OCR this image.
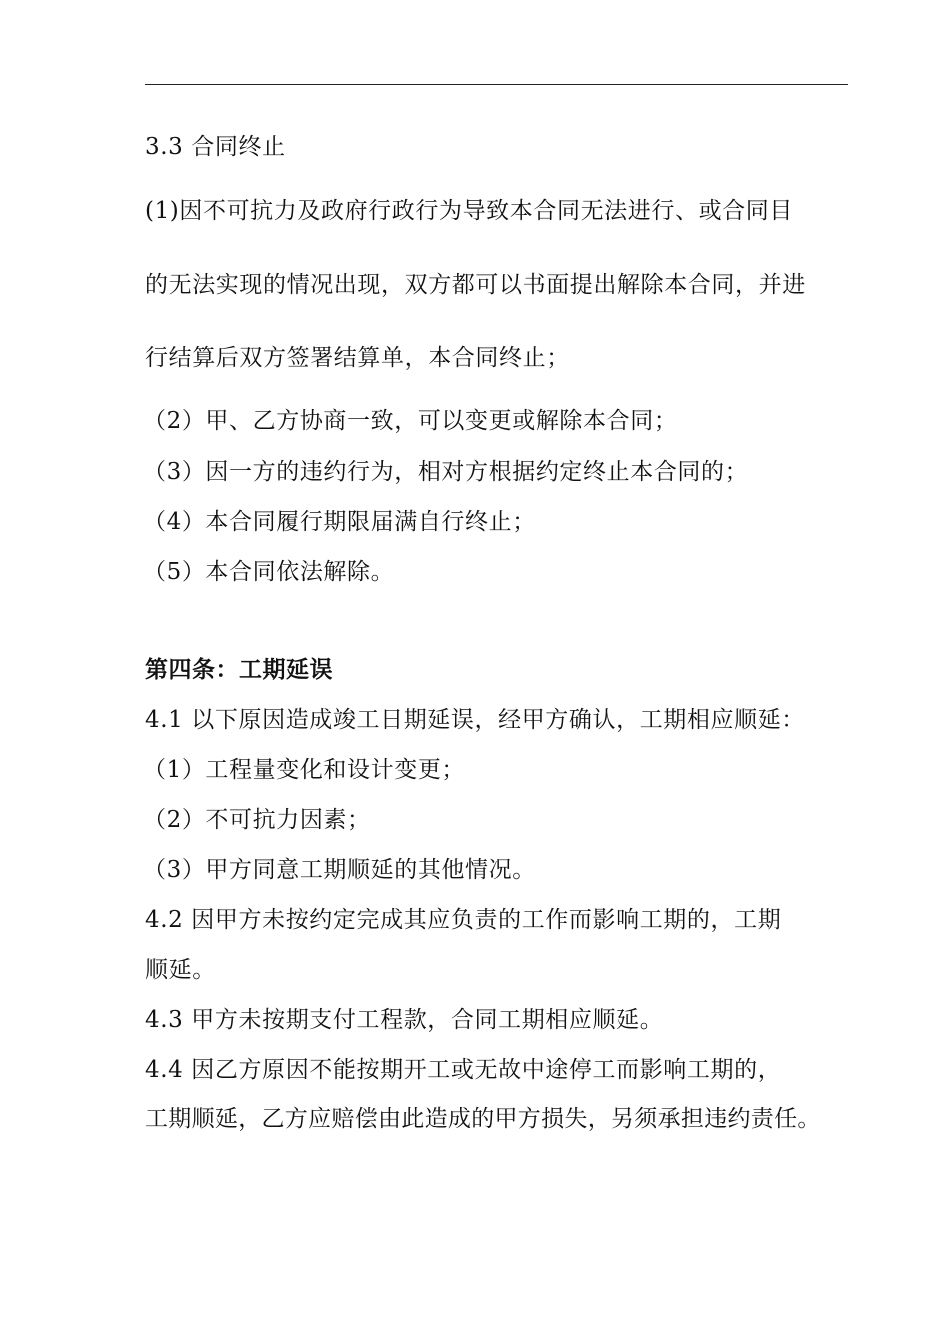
3.3 合同终止
(1)因不可抗力及政府行政行为导致本合同无法进行、或合同目
的无法实现的情况出现，双方都可以书面提出解除本合同，并进
行结算后双方签署结算单，本合同终止；
（2）甲、乙方协商一致，可以变更或解除本合同；
（3）因一方的违约行为，相对方根据约定终止本合同的；
（4）本合同履行期限届满自行终止；
（5）本合同依法解除。
第四条：工期延误
4.1 以下原因造成竣工日期延误，经甲方确认，工期相应顺延：
（1）工程量变化和设计变更；
（2）不可抗力因素；
（3）甲方同意工期顺延的其他情况。
4.2 因甲方未按约定完成其应负责的工作而影响工期的，工期
顺延。
4.3 甲方未按期支付工程款，合同工期相应顺延。
4.4 因乙方原因不能按期开工或无故中途停工而影响工期的，
工期顺延，乙方应赔偿由此造成的甲方损失，另须承担违约责任。
